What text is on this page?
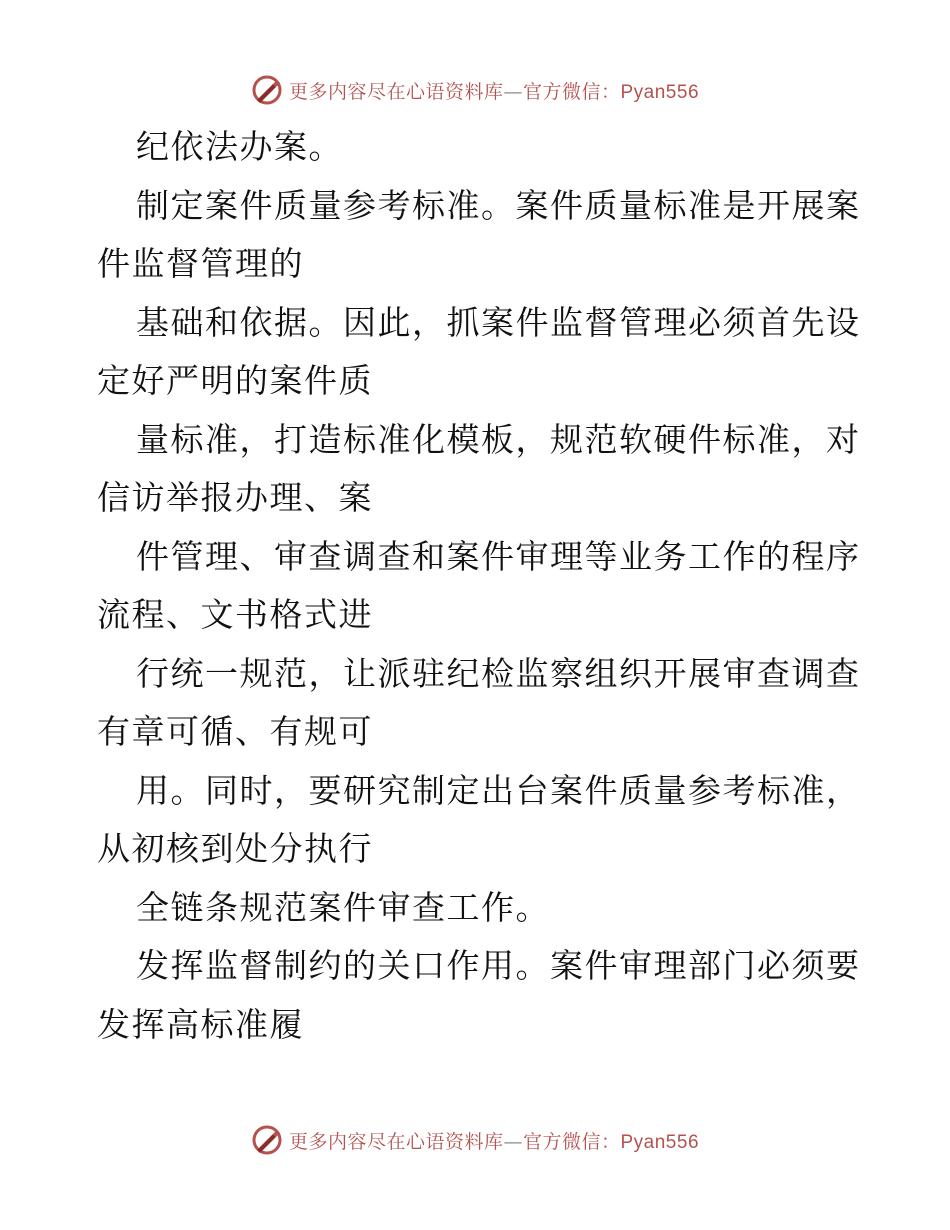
更多内容尽在心语资料库—官方微信：Pyan556
纪依法办案。
制定案件质量参考标准。案件质量标准是开展案
件监督管理的
基础和依据。因此，抓案件监督管理必须首先设
定好严明的案件质
量标准，打造标准化模板，规范软硬件标准，对
信访举报办理、案
件管理、审查调查和案件审理等业务工作的程序
流程、文书格式进
行统一规范，让派驻纪检监察组织开展审查调查
有章可循、有规可
用。同时，要研究制定出台案件质量参考标准，
从初核到处分执行
全链条规范案件审查工作。
发挥监督制约的关口作用。案件审理部门必须要
发挥高标准履
更多内容尽在心语资料库—官方微信：Pyan556
